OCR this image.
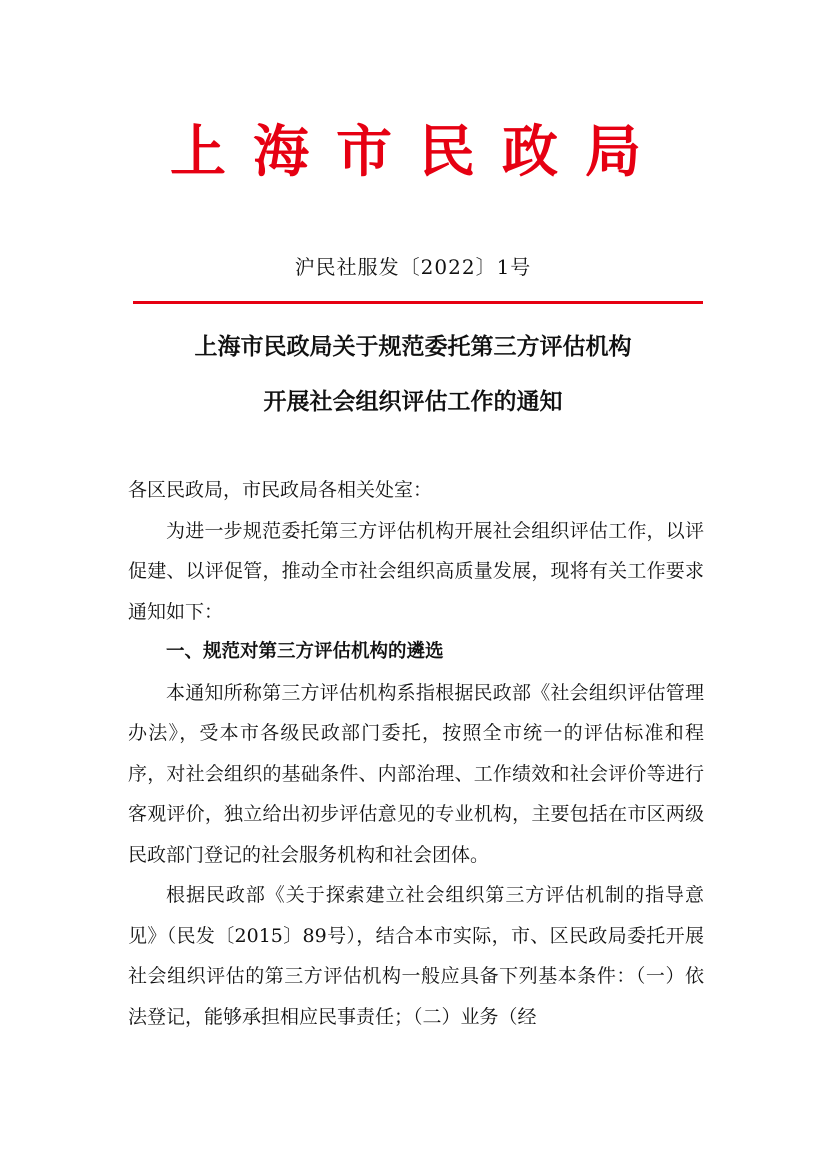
上海市民政局
沪民社服发〔2022〕1号
上海市民政局关于规范委托第三方评估机构
开展社会组织评估工作的通知

各区民政局，市民政局各相关处室：

为进一步规范委托第三方评估机构开展社会组织评估工作，以评促建、以评促管，推动全市社会组织高质量发展，现将有关工作要求通知如下：

一、规范对第三方评估机构的遴选

本通知所称第三方评估机构系指根据民政部《社会组织评估管理办法》，受本市各级民政部门委托，按照全市统一的评估标准和程序，对社会组织的基础条件、内部治理、工作绩效和社会评价等进行客观评价，独立给出初步评估意见的专业机构，主要包括在市区两级民政部门登记的社会服务机构和社会团体。

根据民政部《关于探索建立社会组织第三方评估机制的指导意见》（民发〔2015〕89号），结合本市实际，市、区民政局委托开展社会组织评估的第三方评估机构一般应具备下列基本条件：（一）依法登记，能够承担相应民事责任；（二）业务（经
